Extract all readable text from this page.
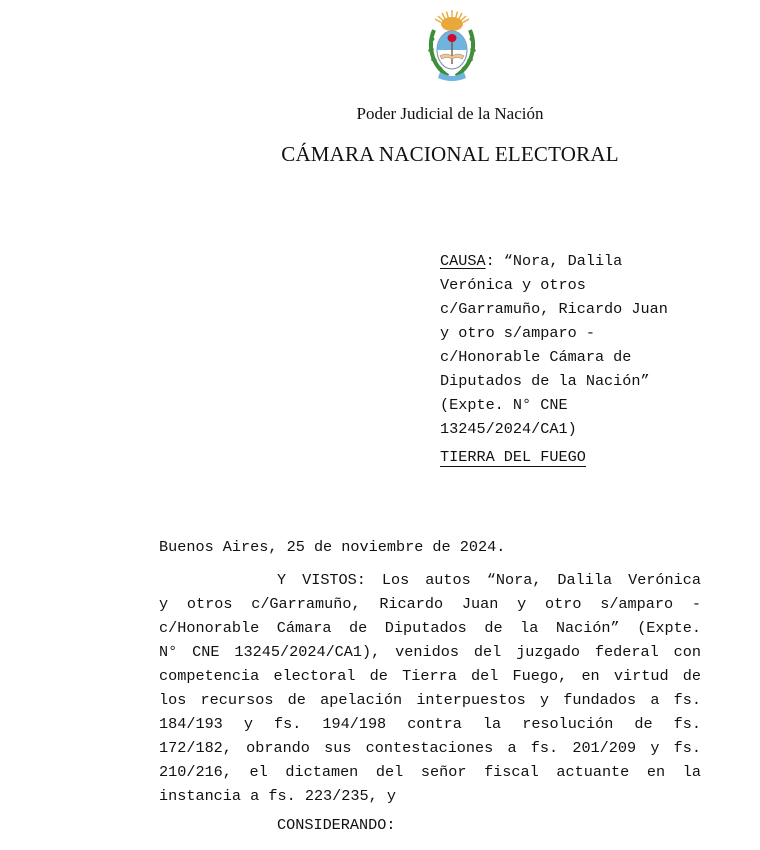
Poder Judicial de la Nación
CÁMARA NACIONAL ELECTORAL
CAUSA: “Nora, Dalila
Verónica y otros
c/Garramuño, Ricardo Juan
y otro s/amparo -
c/Honorable Cámara de
Diputados de la Nación”
(Expte. N° CNE
13245/2024/CA1)
TIERRA DEL FUEGO
Buenos Aires, 25 de noviembre de 2024.
Y VISTOS: Los autos “Nora, Dalila Verónica
y otros c/Garramuño, Ricardo Juan y otro s/amparo -
c/Honorable Cámara de Diputados de la Nación” (Expte.
N° CNE 13245/2024/CA1), venidos del juzgado federal con
competencia electoral de Tierra del Fuego, en virtud de
los recursos de apelación interpuestos y fundados a fs.
184/193 y fs. 194/198 contra la resolución de fs.
172/182, obrando sus contestaciones a fs. 201/209 y fs.
210/216, el dictamen del señor fiscal actuante en la
instancia a fs. 223/235, y
CONSIDERANDO:
